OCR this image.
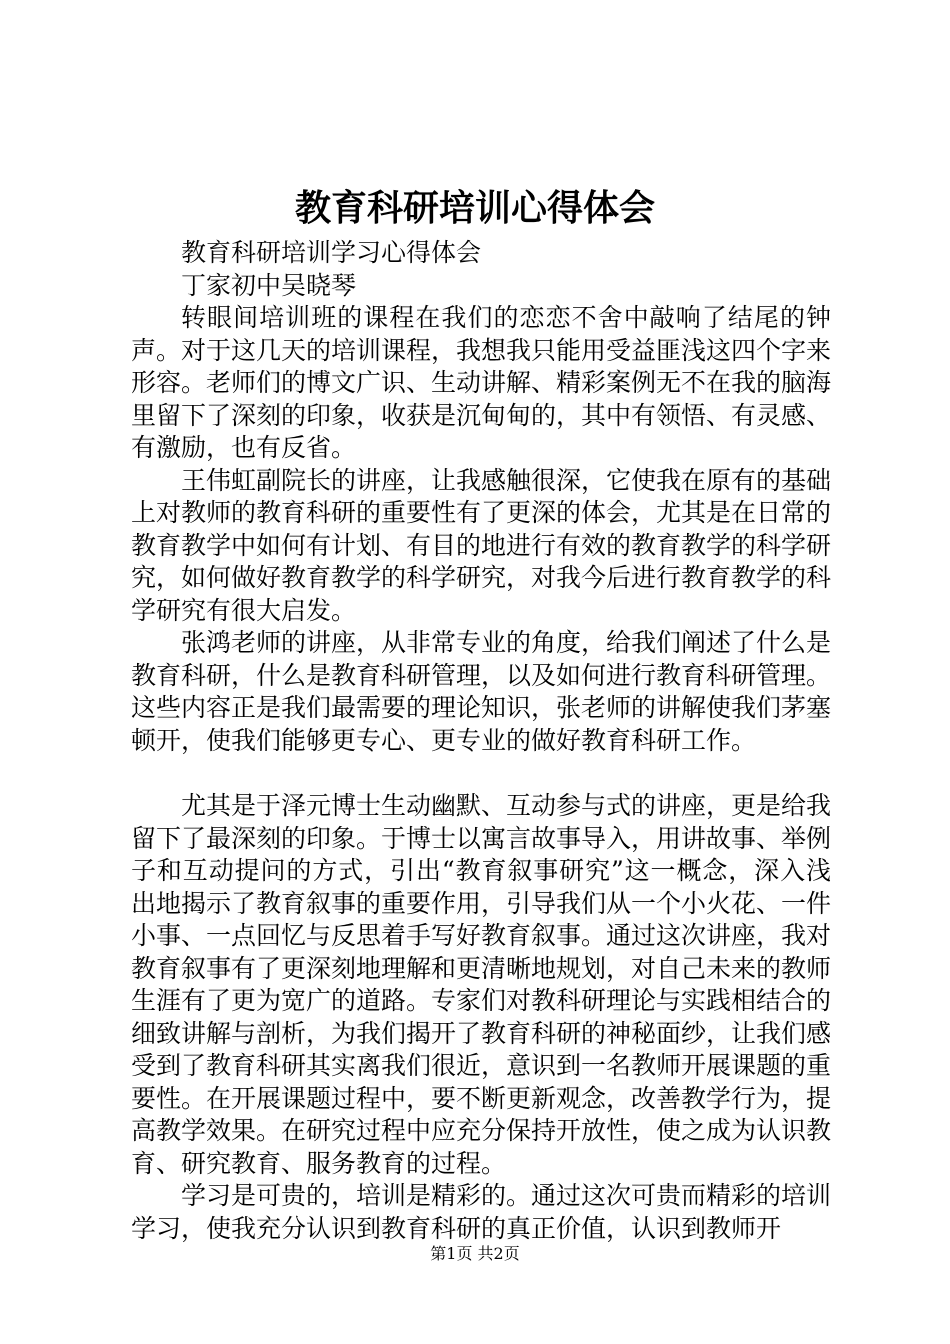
教育科研培训心得体会

教育科研培训学习心得体会

丁家初中吴晓琴

转眼间培训班的课程在我们的恋恋不舍中敲响了结尾的钟声。对于这几天的培训课程，我想我只能用受益匪浅这四个字来形容。老师们的博文广识、生动讲解、精彩案例无不在我的脑海里留下了深刻的印象，收获是沉甸甸的，其中有领悟、有灵感、有激励，也有反省。

王伟虹副院长的讲座，让我感触很深，它使我在原有的基础上对教师的教育科研的重要性有了更深的体会，尤其是在日常的教育教学中如何有计划、有目的地进行有效的教育教学的科学研究，如何做好教育教学的科学研究，对我今后进行教育教学的科学研究有很大启发。

张鸿老师的讲座，从非常专业的角度，给我们阐述了什么是教育科研，什么是教育科研管理，以及如何进行教育科研管理。这些内容正是我们最需要的理论知识，张老师的讲解使我们茅塞顿开，使我们能够更专心、更专业的做好教育科研工作。

尤其是于泽元博士生动幽默、互动参与式的讲座，更是给我留下了最深刻的印象。于博士以寓言故事导入，用讲故事、举例子和互动提问的方式，引出“教育叙事研究”这一概念，深入浅出地揭示了教育叙事的重要作用，引导我们从一个小火花、一件小事、一点回忆与反思着手写好教育叙事。通过这次讲座，我对教育叙事有了更深刻地理解和更清晰地规划，对自己未来的教师生涯有了更为宽广的道路。专家们对教科研理论与实践相结合的细致讲解与剖析，为我们揭开了教育科研的神秘面纱，让我们感受到了教育科研其实离我们很近，意识到一名教师开展课题的重要性。在开展课题过程中，要不断更新观念，改善教学行为，提高教学效果。在研究过程中应充分保持开放性，使之成为认识教育、研究教育、服务教育的过程。

学习是可贵的，培训是精彩的。通过这次可贵而精彩的培训学习，使我充分认识到教育科研的真正价值，认识到教师开

第1页 共2页
